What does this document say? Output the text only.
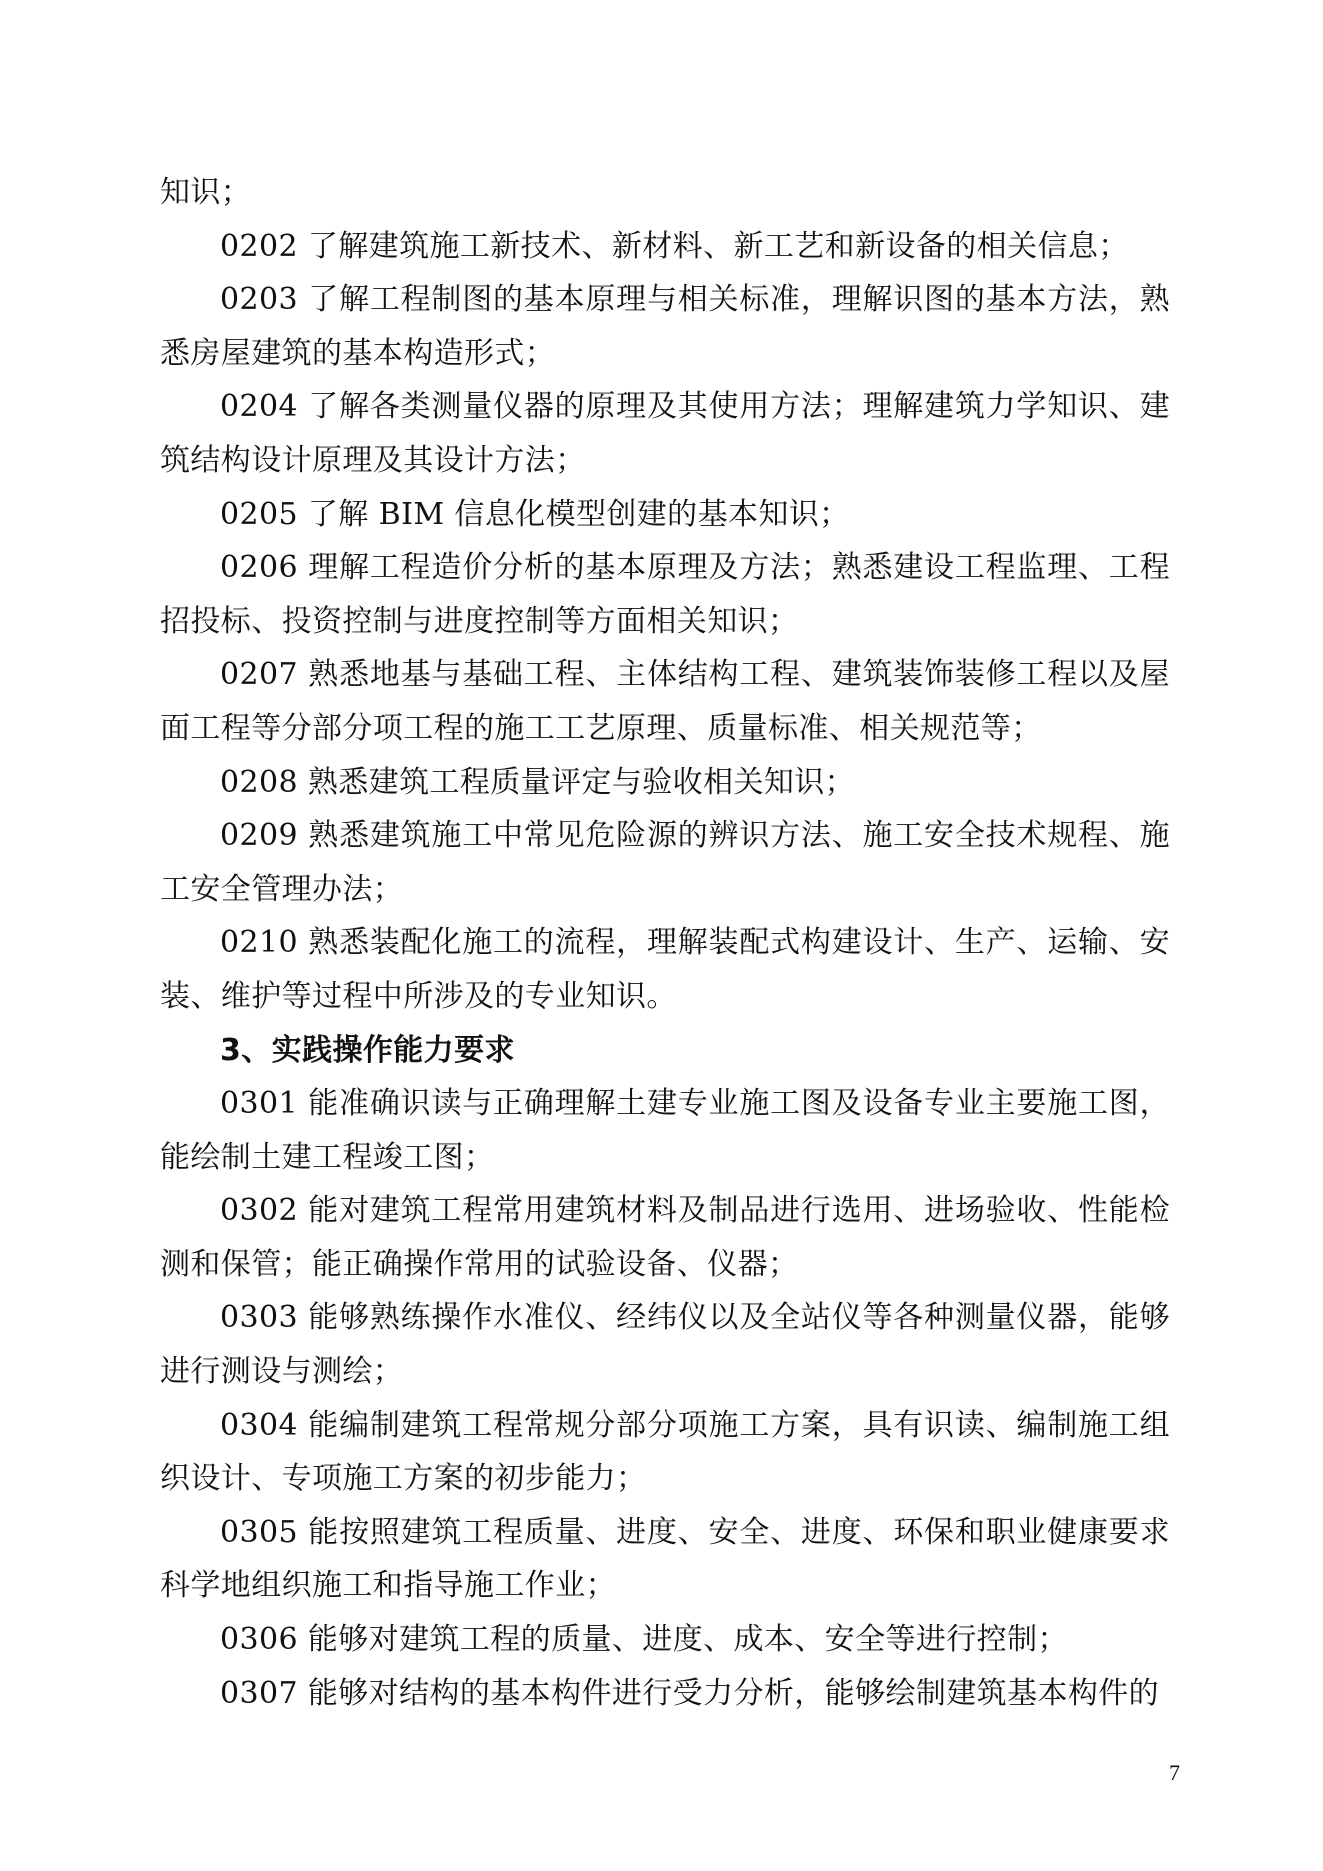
知识；

0202 了解建筑施工新技术、新材料、新工艺和新设备的相关信息；

0203 了解工程制图的基本原理与相关标准，理解识图的基本方法，熟悉房屋建筑的基本构造形式；

0204 了解各类测量仪器的原理及其使用方法；理解建筑力学知识、建筑结构设计原理及其设计方法；

0205 了解 BIM 信息化模型创建的基本知识；

0206 理解工程造价分析的基本原理及方法；熟悉建设工程监理、工程招投标、投资控制与进度控制等方面相关知识；

0207 熟悉地基与基础工程、主体结构工程、建筑装饰装修工程以及屋面工程等分部分项工程的施工工艺原理、质量标准、相关规范等；

0208 熟悉建筑工程质量评定与验收相关知识；

0209 熟悉建筑施工中常见危险源的辨识方法、施工安全技术规程、施工安全管理办法；

0210 熟悉装配化施工的流程，理解装配式构建设计、生产、运输、安装、维护等过程中所涉及的专业知识。

3、实践操作能力要求

0301 能准确识读与正确理解土建专业施工图及设备专业主要施工图，能绘制土建工程竣工图；

0302 能对建筑工程常用建筑材料及制品进行选用、进场验收、性能检测和保管；能正确操作常用的试验设备、仪器；

0303 能够熟练操作水准仪、经纬仪以及全站仪等各种测量仪器，能够进行测设与测绘；

0304 能编制建筑工程常规分部分项施工方案，具有识读、编制施工组织设计、专项施工方案的初步能力；

0305 能按照建筑工程质量、进度、安全、进度、环保和职业健康要求科学地组织施工和指导施工作业；

0306 能够对建筑工程的质量、进度、成本、安全等进行控制；

0307 能够对结构的基本构件进行受力分析，能够绘制建筑基本构件的

7
